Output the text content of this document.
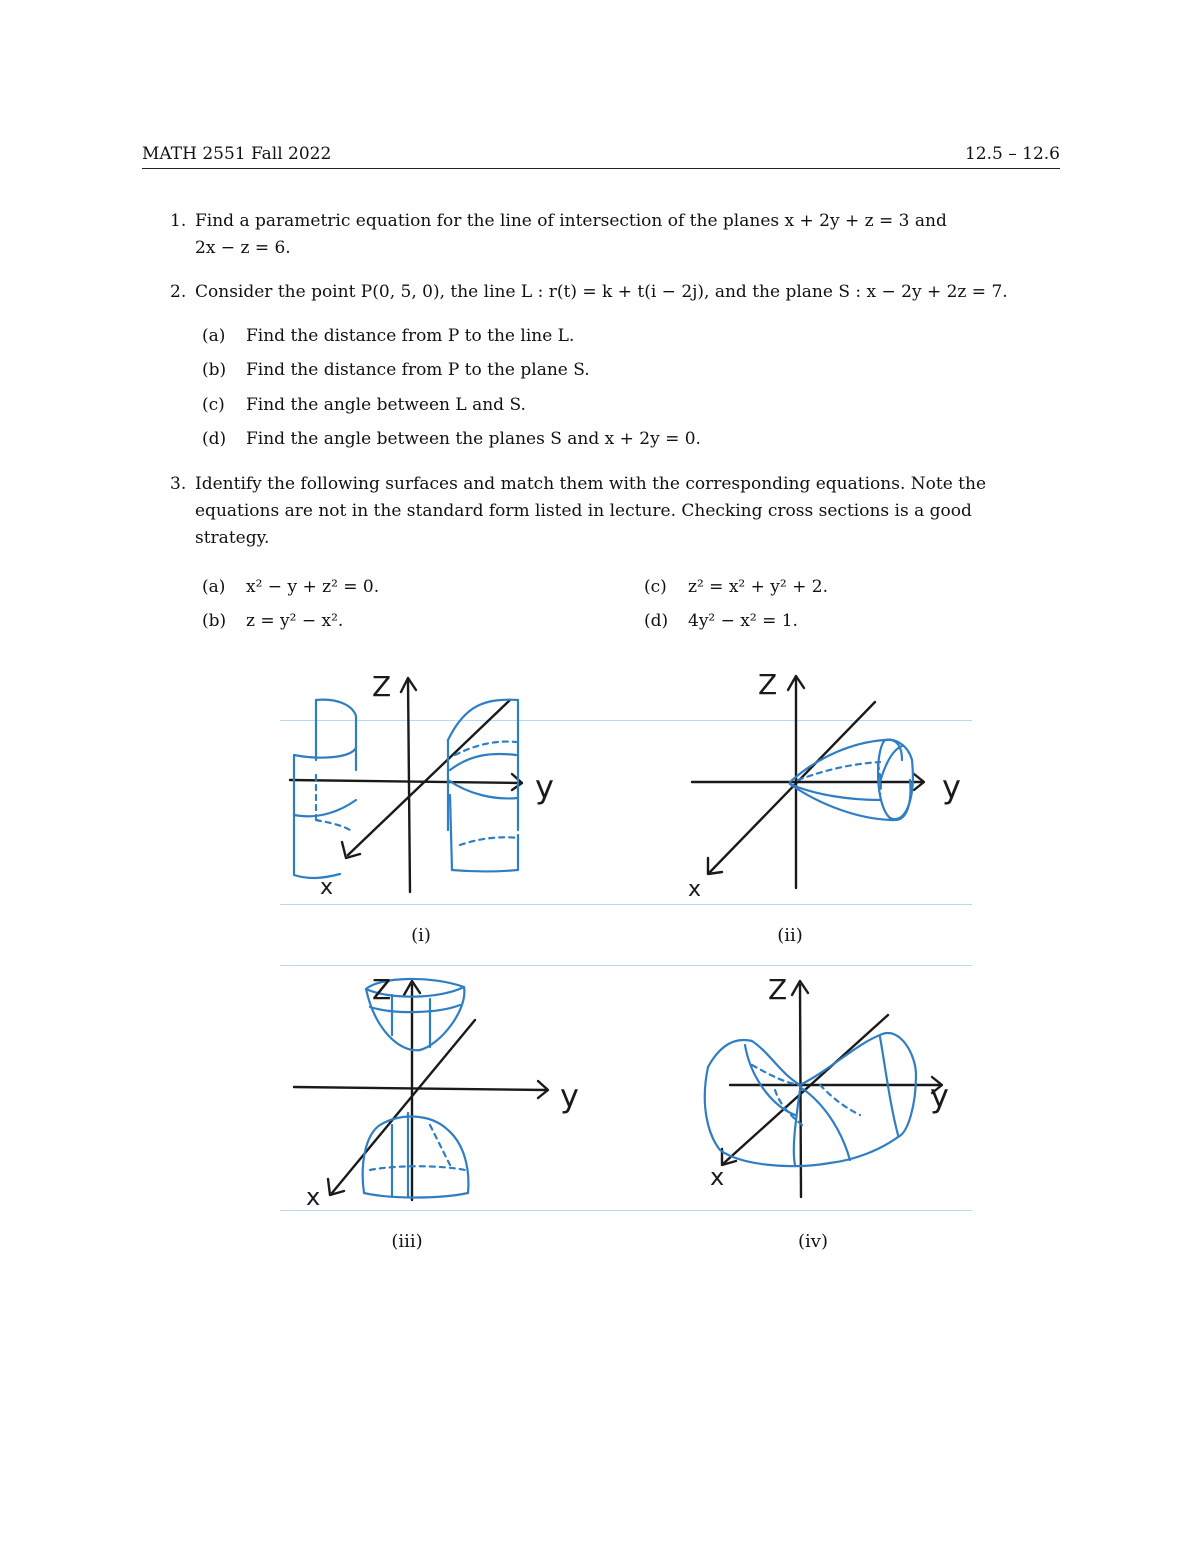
MATH 2551 Fall 2022	12.5 – 12.6
1. Find a parametric equation for the line of intersection of the planes x + 2y + z = 3 and
2x − z = 6.
2. Consider the point P(0, 5, 0), the line L : r(t) = k + t(i − 2j), and the plane S : x − 2y + 2z = 7.
(a) Find the distance from P to the line L.
(b) Find the distance from P to the plane S.
(c) Find the angle between L and S.
(d) Find the angle between the planes S and x + 2y = 0.
3. Identify the following surfaces and match them with the corresponding equations. Note the
equations are not in the standard form listed in lecture. Checking cross sections is a good
strategy.
(a) x² − y + z² = 0.
(b) z = y² − x².
(c) z² = x² + y² + 2.
(d) 4y² − x² = 1.
Z
y
x
(i)
Z
y
x
(ii)
Z
y
x
(iii)
Z
y
x
(iv)
